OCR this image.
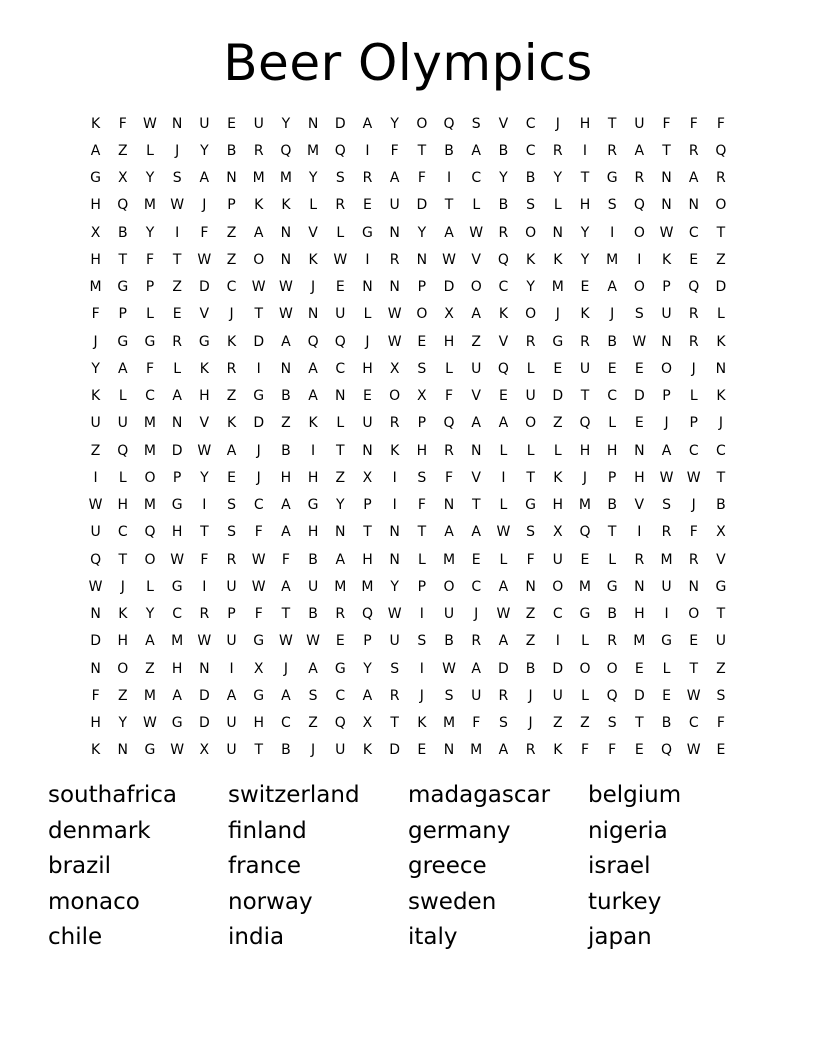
Beer Olympics
K	F	W	N	U	E	U	Y	N	D	A	Y	O	Q	S	V	C	J	H	T	U	F	F	F
A	Z	L	J	Y	B	R	Q	M	Q	I	F	T	B	A	B	C	R	I	R	A	T	R	Q
G	X	Y	S	A	N	M	M	Y	S	R	A	F	I	C	Y	B	Y	T	G	R	N	A	R
H	Q	M	W	J	P	K	K	L	R	E	U	D	T	L	B	S	L	H	S	Q	N	N	O
X	B	Y	I	F	Z	A	N	V	L	G	N	Y	A	W	R	O	N	Y	I	O	W	C	T
H	T	F	T	W	Z	O	N	K	W	I	R	N	W	V	Q	K	K	Y	M	I	K	E	Z
M	G	P	Z	D	C	W W	J	E	N	N	P	D	O	C	Y	M	E	A	O	P	Q	D
F	P	L	E	V	J	T	W	N	U	L	W	O	X	A	K	O	J	K	J	S	U	R	L
J	G	G	R	G	K	D	A	Q	Q	J	W	E	H	Z	V	R	G	R	B	W	N	R	K
Y	A	F	L	K	R	I	N	A	C	H	X	S	L	U	Q	L	E	U	E	E	O	J	N
K	L	C	A	H	Z	G	B	A	N	E	O	X	F	V	E	U	D	T	C	D	P	L	K
U	U	M	N	V	K	D	Z	K	L	U	R	P	Q	A	A	O	Z	Q	L	E	J	P	J
Z	Q	M	D	W	A	J	B	I	T	N	K	H	R	N	L	L	L	H	H	N	A	C	C
I	L	O	P	Y	E	J	H	H	Z	X	I	S	F	V	I	T	K	J	P	H	W W	T
W	H	M	G	I	S	C	A	G	Y	P	I	F	N	T	L	G	H	M	B	V	S	J	B
U	C	Q	H	T	S	F	A	H	N	T	N	T	A	A	W	S	X	Q	T	I	R	F	X
Q	T	O	W	F	R	W	F	B	A	H	N	L	M	E	L	F	U	E	L	R	M	R	V
W	J	L	G	I	U	W	A	U	M	M	Y	P	O	C	A	N	O	M	G	N	U	N	G
N	K	Y	C	R	P	F	T	B	R	Q	W	I	U	J	W	Z	C	G	B	H	I	O	T
D	H	A	M	W	U	G	W W	E	P	U	S	B	R	A	Z	I	L	R	M	G	E	U
N	O	Z	H	N	I	X	J	A	G	Y	S	I	W	A	D	B	D	O	O	E	L	T	Z
F	Z	M	A	D	A	G	A	S	C	A	R	J	S	U	R	J	U	L	Q	D	E	W	S
H	Y	W	G	D	U	H	C	Z	Q	X	T	K	M	F	S	J	Z	Z	S	T	B	C	F
K	N	G	W	X	U	T	B	J	U	K	D	E	N	M	A	R	K	F	F	E	Q	W	E
southafrica	switzerland	madagascar	belgium
denmark	finland	germany	nigeria
brazil	france	greece	israel
monaco	norway	sweden	turkey
chile	india	italy	japan
